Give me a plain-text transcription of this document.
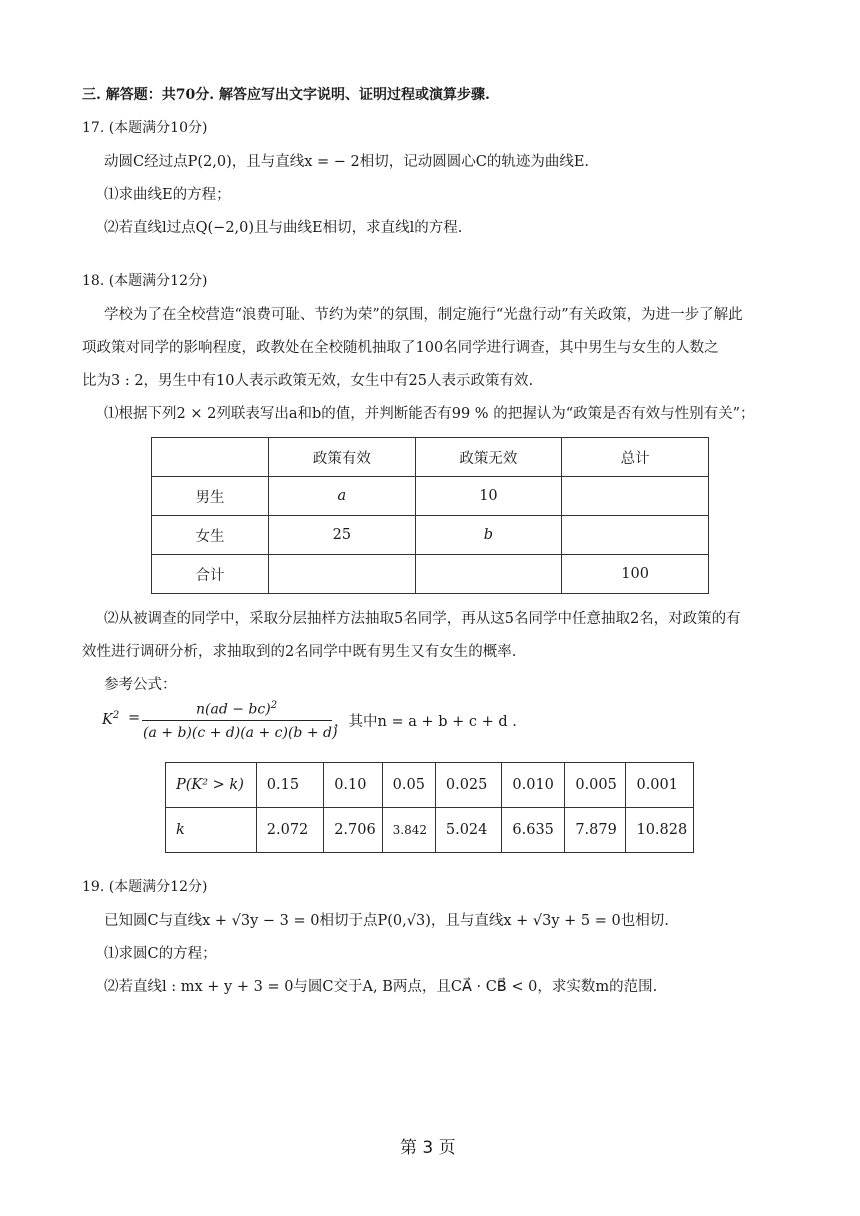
三. 解答题：共70分. 解答应写出文字说明、证明过程或演算步骤.
17. (本题满分10分)
动圆C经过点P(2,0)，且与直线x = − 2相切，记动圆圆心C的轨迹为曲线E.
⑴求曲线E的方程；
⑵若直线l过点Q(−2,0)且与曲线E相切，求直线l的方程.
18. (本题满分12分)
学校为了在全校营造“浪费可耻、节约为荣”的氛围，制定施行“光盘行动”有关政策，为进一步了解此
项政策对同学的影响程度，政教处在全校随机抽取了100名同学进行调查，其中男生与女生的人数之
比为3 : 2，男生中有10人表示政策无效，女生中有25人表示政策有效.
⑴根据下列2 × 2列联表写出a和b的值，并判断能否有99 % 的把握认为“政策是否有效与性别有关”；
	政策有效	政策无效	总计
男生	a	10	
女生	25	b	
合计			100
⑵从被调查的同学中，采取分层抽样方法抽取5名同学，再从这5名同学中任意抽取2名，对政策的有
效性进行调研分析，求抽取到的2名同学中既有男生又有女生的概率.
参考公式：
$K^2$ =
n(ad − bc)$^2$
(a + b)(c + d)(a + c)(b + d)
，其中n = a + b + c + d .
P(K² > k)	0.15	0.10	0.05	0.025	0.010	0.005	0.001
k	2.072	2.706	3.842	5.024	6.635	7.879	10.828
19. (本题满分12分)
已知圆C与直线x + √3y − 3 = 0相切于点P(0,√3)，且与直线x + √3y + 5 = 0也相切.
⑴求圆C的方程；
⑵若直线l : mx + y + 3 = 0与圆C交于A, B两点，且CA⃗ · CB⃗ < 0，求实数m的范围.
第 3 页
